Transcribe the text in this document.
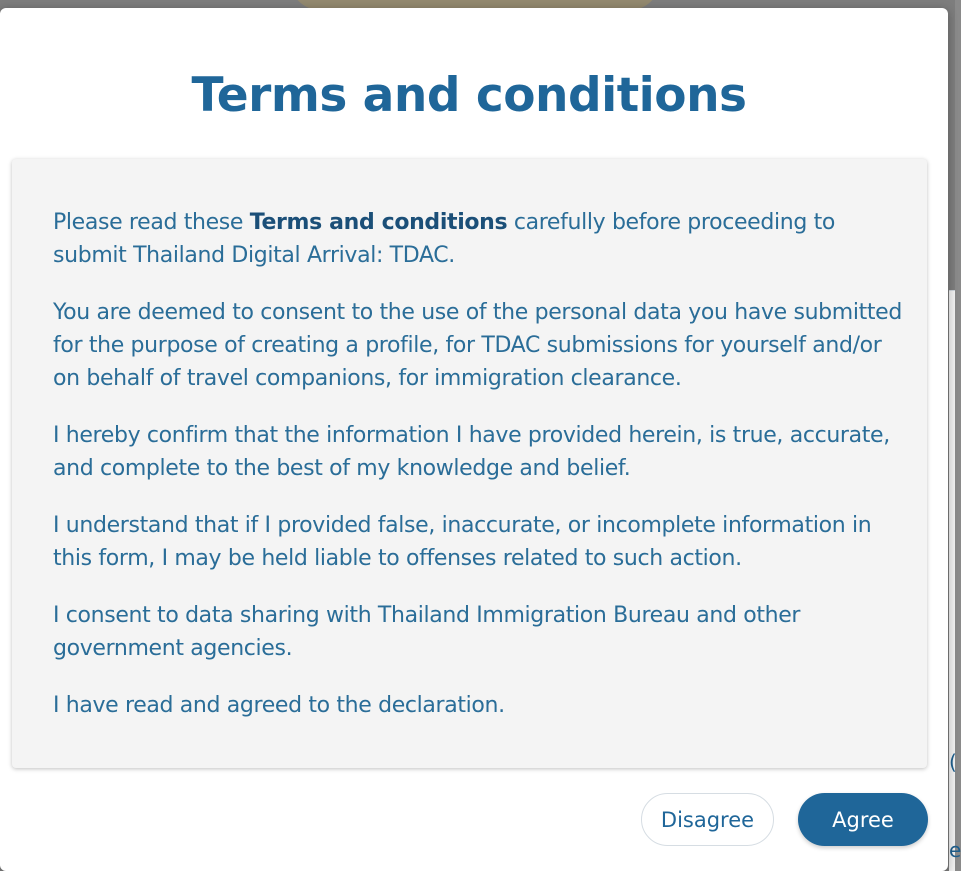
(
e
Terms and conditions

Please read these Terms and conditions carefully before proceeding to submit Thailand Digital Arrival: TDAC.

You are deemed to consent to the use of the personal data you have submitted for the purpose of creating a profile, for TDAC submissions for yourself and/or on behalf of travel companions, for immigration clearance.

I hereby confirm that the information I have provided herein, is true, accurate, and complete to the best of my knowledge and belief.

I understand that if I provided false, inaccurate, or incomplete information in this form, I may be held liable to offenses related to such action.

I consent to data sharing with Thailand Immigration Bureau and other government agencies.

I have read and agreed to the declaration.

Disagree	Agree
